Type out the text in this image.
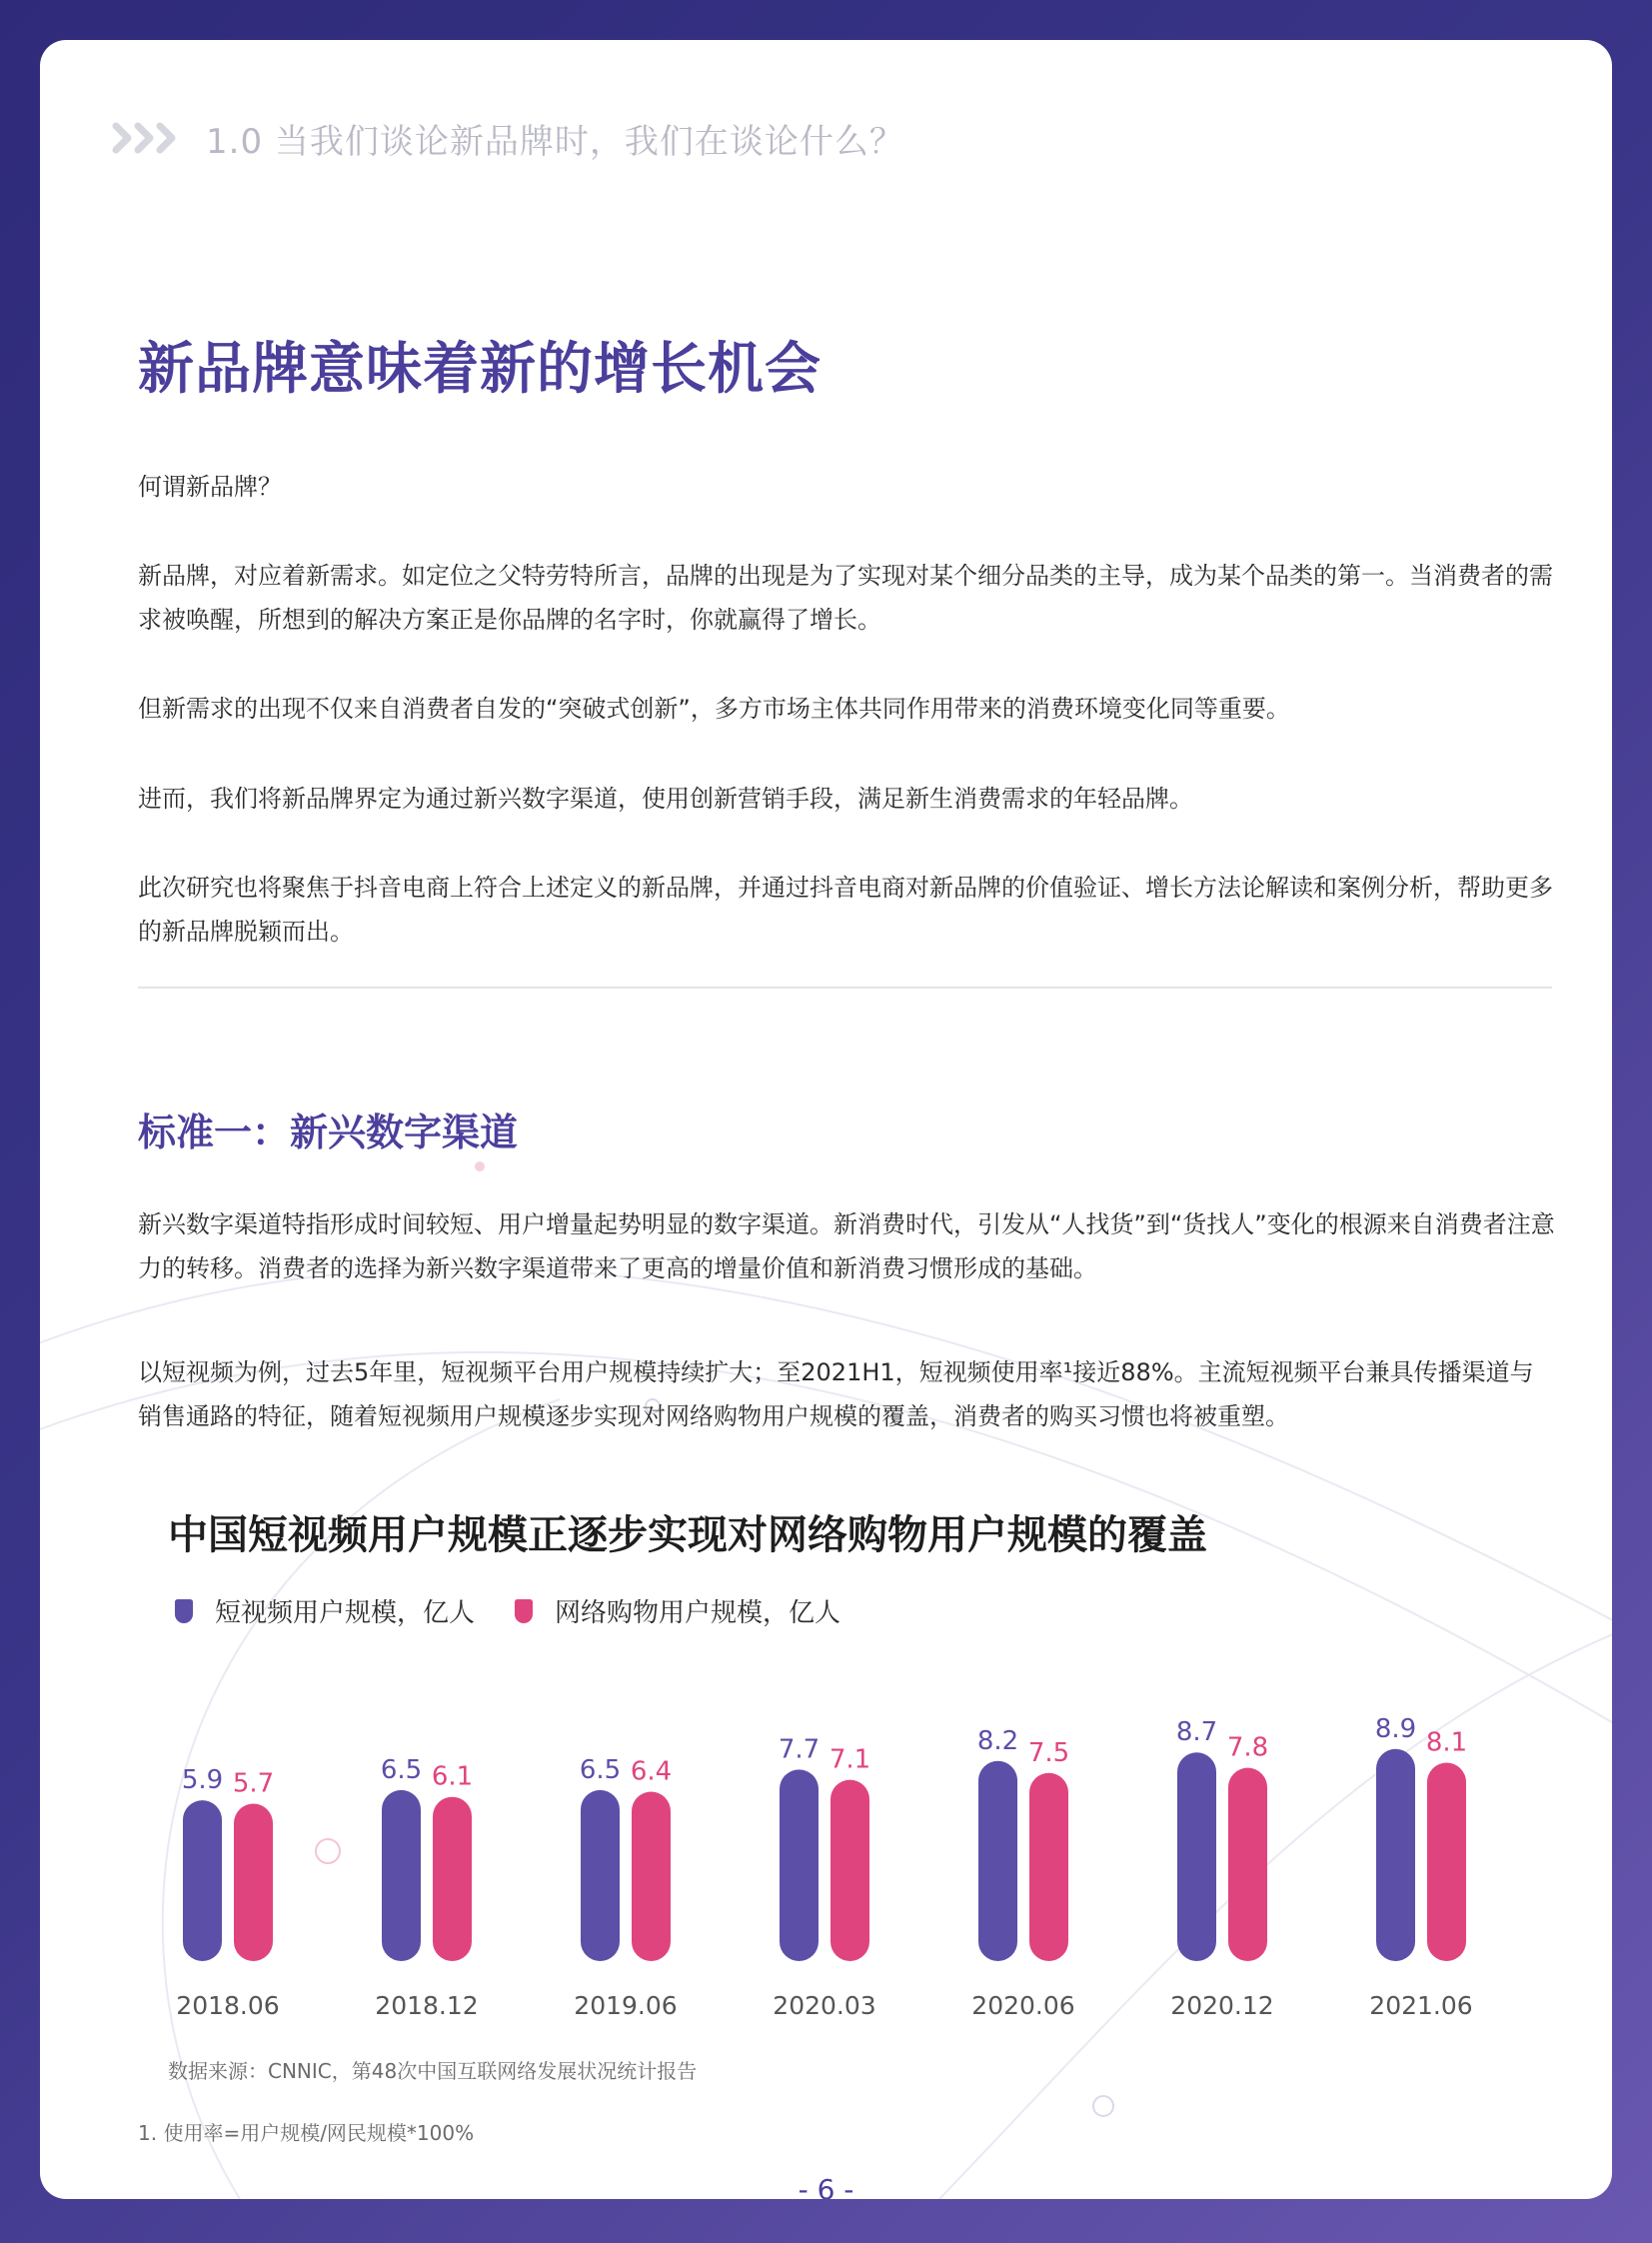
1.0 当我们谈论新品牌时，我们在谈论什么？
新品牌意味着新的增长机会

何谓新品牌？

新品牌，对应着新需求。如定位之父特劳特所言，品牌的出现是为了实现对某个细分品类的主导，成为某个品类的第一。当消费者的需求被唤醒，所想到的解决方案正是你品牌的名字时，你就赢得了增长。

但新需求的出现不仅来自消费者自发的“突破式创新”，多方市场主体共同作用带来的消费环境变化同等重要。

进而，我们将新品牌界定为通过新兴数字渠道，使用创新营销手段，满足新生消费需求的年轻品牌。

此次研究也将聚焦于抖音电商上符合上述定义的新品牌，并通过抖音电商对新品牌的价值验证、增长方法论解读和案例分析，帮助更多的新品牌脱颖而出。

标准一：新兴数字渠道

新兴数字渠道特指形成时间较短、用户增量起势明显的数字渠道。新消费时代，引发从“人找货”到“货找人”变化的根源来自消费者注意力的转移。消费者的选择为新兴数字渠道带来了更高的增量价值和新消费习惯形成的基础。

以短视频为例，过去5年里，短视频平台用户规模持续扩大；至2021H1，短视频使用率¹接近88%。主流短视频平台兼具传播渠道与销售通路的特征，随着短视频用户规模逐步实现对网络购物用户规模的覆盖，消费者的购买习惯也将被重塑。

中国短视频用户规模正逐步实现对网络购物用户规模的覆盖
短视频用户规模，亿人	网络购物用户规模，亿人
5.9 5.7
2018.06
6.5 6.1
2018.12
6.5 6.4
2019.06
7.7 7.1
2020.03
8.2 7.5
2020.06
8.7
7.8
2020.12
8.9 8.1
2021.06
数据来源：CNNIC，第48次中国互联网络发展状况统计报告
1. 使用率=用户规模/网民规模*100%
- 6 -
